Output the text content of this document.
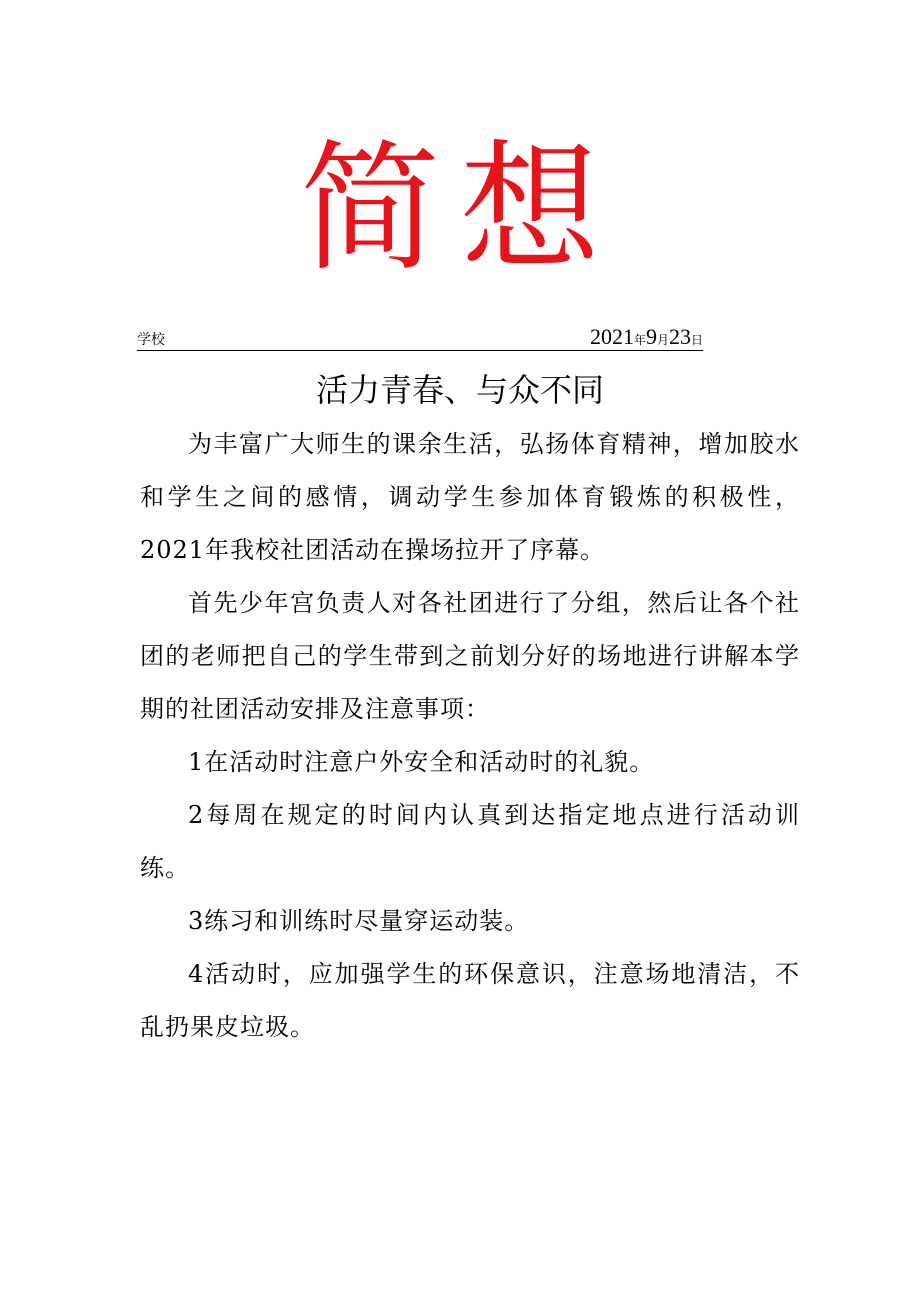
简想
学校	2021年9月23日
活力青春、与众不同

为丰富广大师生的课余生活，弘扬体育精神，增加胶水和学生之间的感情，调动学生参加体育锻炼的积极性，2021年我校社团活动在操场拉开了序幕。

首先少年宫负责人对各社团进行了分组，然后让各个社团的老师把自己的学生带到之前划分好的场地进行讲解本学期的社团活动安排及注意事项：

1在活动时注意户外安全和活动时的礼貌。

2每周在规定的时间内认真到达指定地点进行活动训练。

3练习和训练时尽量穿运动装。

4活动时，应加强学生的环保意识，注意场地清洁，不乱扔果皮垃圾。
